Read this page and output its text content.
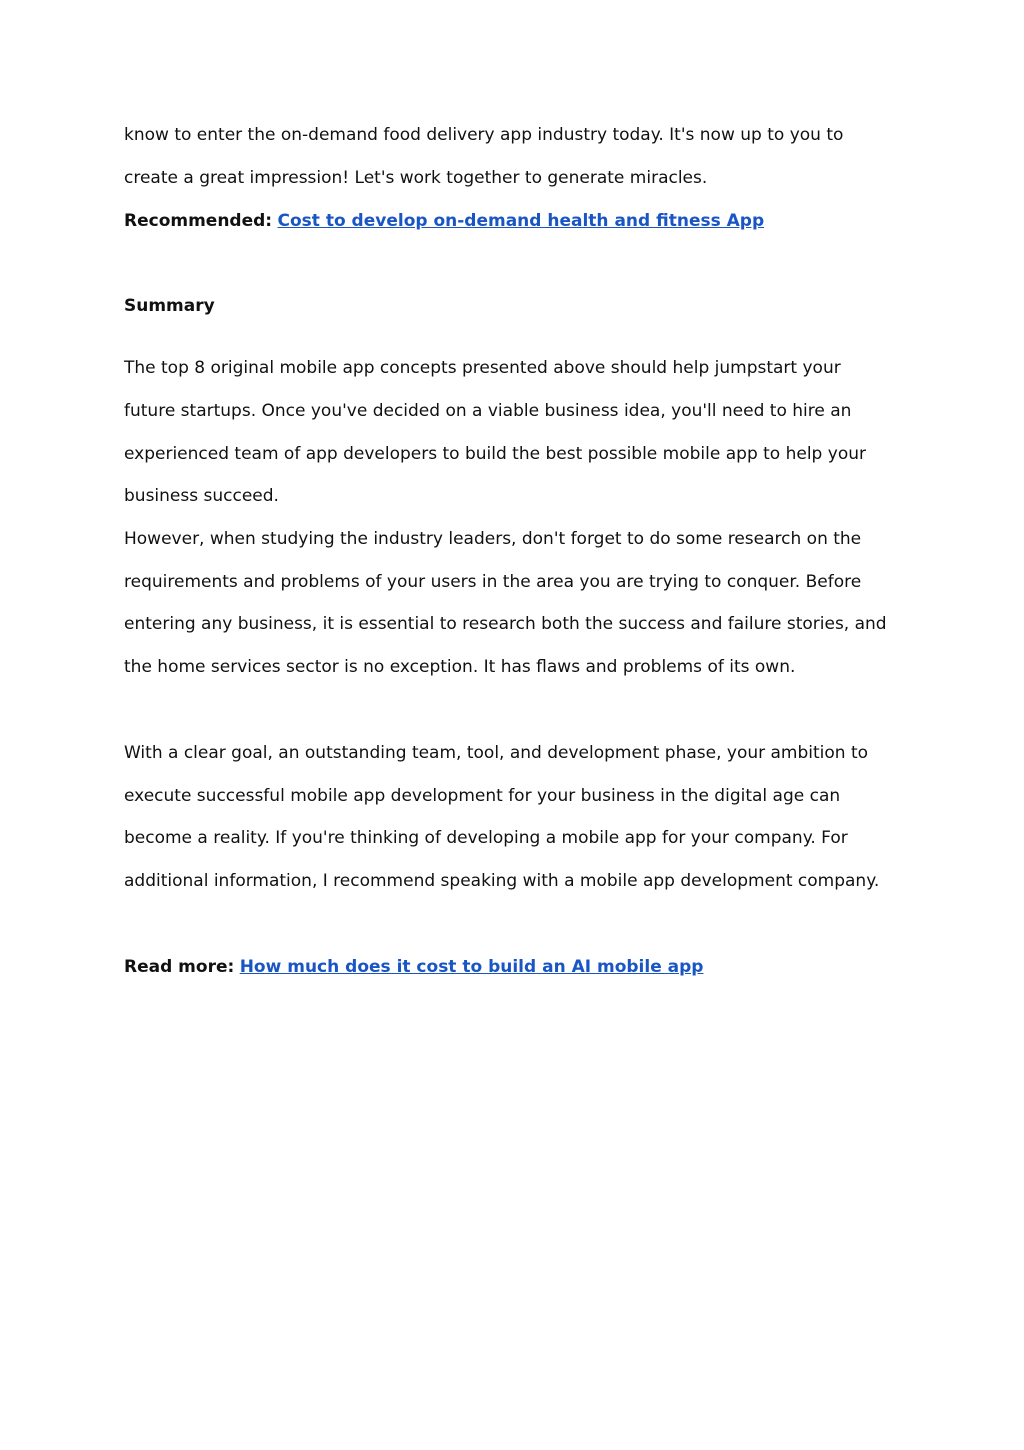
know to enter the on-demand food delivery app industry today. It's now up to you to
create a great impression! Let's work together to generate miracles.
Recommended: Cost to develop on-demand health and fitness App
Summary
The top 8 original mobile app concepts presented above should help jumpstart your
future startups. Once you've decided on a viable business idea, you'll need to hire an
experienced team of app developers to build the best possible mobile app to help your
business succeed.
However, when studying the industry leaders, don't forget to do some research on the
requirements and problems of your users in the area you are trying to conquer. Before
entering any business, it is essential to research both the success and failure stories, and
the home services sector is no exception. It has flaws and problems of its own.
With a clear goal, an outstanding team, tool, and development phase, your ambition to
execute successful mobile app development for your business in the digital age can
become a reality. If you're thinking of developing a mobile app for your company. For
additional information, I recommend speaking with a mobile app development company.
Read more: How much does it cost to build an AI mobile app
